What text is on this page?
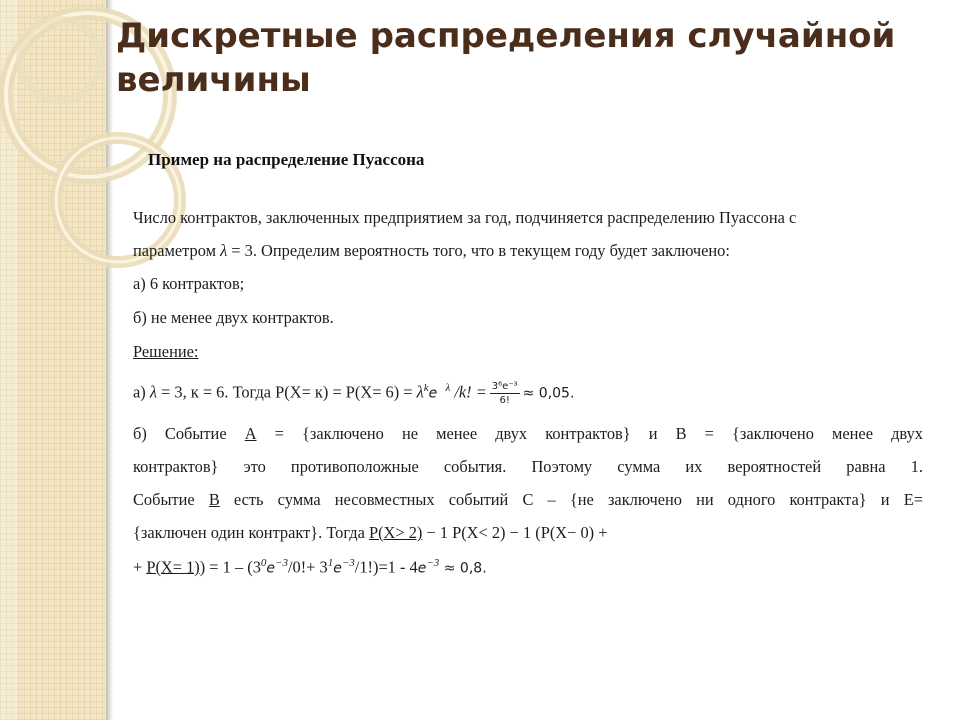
Дискретные распределения случайной величины

Пример на распределение Пуассона

Число контрактов, заключенных предприятием за год, подчиняется распределению Пуассона с

параметром λ = 3. Определим вероятность того, что в текущем году будет заключено:

а) 6 контрактов;

б) не менее двух контрактов.

Решение:

а) λ = 3, к = 6. Тогда $Р(Х= к) = Р(Х= 6) = \lambda^ke$ $^\lambda$ /k! = $\frac{\text{3⁶e⁻³}}{6!} \approx 0,05$.

б) Событие А = {заключено не менее двух контрактов} и В = {заключено менее двух

контрактов} это противоположные события. Поэтому сумма их вероятностей равна 1.

Событие В есть сумма несовместных событий С – {не заключено ни одного контракта} и Е=

{заключен один контракт}. Тогда Р(Х> 2) − 1 Р(Х< 2) − 1 (Р(Х− 0) +

+ $Р(Х= 1)) = 1 - (3^0e^{-3}/0!+ 3^1e^{-3}/1!)=1 - 4e^{-3} \approx 0,8$.
